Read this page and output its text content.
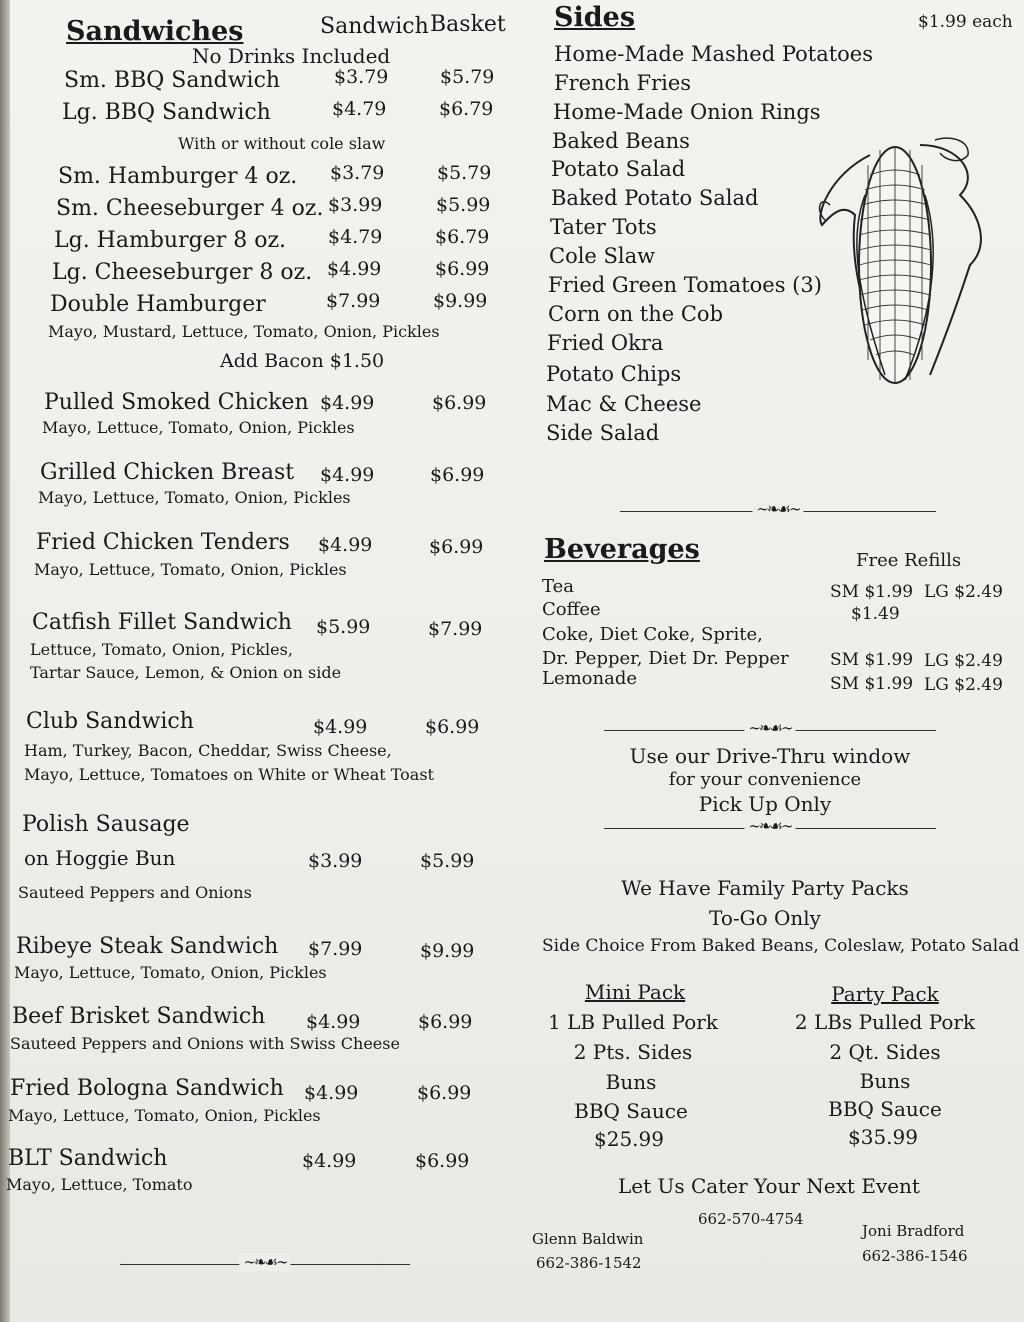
Sandwiches	Sandwich Basket
No Drinks Included
Sm. BBQ Sandwich	$3.79	$5.79
Lg. BBQ Sandwich	$4.79	$6.79
With or without cole slaw
Sm. Hamburger 4 oz. $3.79	$5.79
Sm. Cheeseburger 4 oz. $3.99	$5.99
Lg. Hamburger 8 oz. $4.79	$6.79
Lg. Cheeseburger 8 oz. $4.99	$6.99
Double Hamburger	$7.99	$9.99
Mayo, Mustard, Lettuce, Tomato, Onion, Pickles
Add Bacon $1.50
Pulled Smoked Chicken $4.99	$6.99
Mayo, Lettuce, Tomato, Onion, Pickles
Grilled Chicken Breast $4.99	$6.99
Mayo, Lettuce, Tomato, Onion, Pickles
Fried Chicken Tenders $4.99	$6.99
Mayo, Lettuce, Tomato, Onion, Pickles
Catfish Fillet Sandwich $5.99	$7.99
Lettuce, Tomato, Onion, Pickles,
Tartar Sauce, Lemon, & Onion on side
Club Sandwich	$4.99	$6.99
Ham, Turkey, Bacon, Cheddar, Swiss Cheese,
Mayo, Lettuce, Tomatoes on White or Wheat Toast
Polish Sausage
on Hoggie Bun	$3.99	$5.99
Sauteed Peppers and Onions
Ribeye Steak Sandwich $7.99	$9.99
Mayo, Lettuce, Tomato, Onion, Pickles
Beef Brisket Sandwich $4.99	$6.99
Sauteed Peppers and Onions with Swiss Cheese
Fried Bologna Sandwich $4.99	$6.99
Mayo, Lettuce, Tomato, Onion, Pickles
BLT Sandwich	$4.99	$6.99
Mayo, Lettuce, Tomato
∼❧☙∼
Sides	$1.99 each
Home-Made Mashed Potatoes
French Fries
Home-Made Onion Rings
Baked Beans
Potato Salad
Baked Potato Salad
Tater Tots
Cole Slaw
Fried Green Tomatoes (3)
Corn on the Cob
Fried Okra
Potato Chips
Mac & Cheese
Side Salad
∼❧☙∼
Beverages	Free Refills
Tea	SM $1.99 LG $2.49
Coffee	$1.49
Coke, Diet Coke, Sprite,
Dr. Pepper, Diet Dr. Pepper SM $1.99 LG $2.49
Lemonade	SM $1.99 LG $2.49
∼❧☙∼
Use our Drive-Thru window
for your convenience
Pick Up Only
∼❧☙∼
We Have Family Party Packs
To-Go Only
Side Choice From Baked Beans, Coleslaw, Potato Salad
Mini Pack
1 LB Pulled Pork
2 Pts. Sides
Buns
BBQ Sauce
$25.99
Party Pack
2 LBs Pulled Pork
2 Qt. Sides
Buns
BBQ Sauce
$35.99
Let Us Cater Your Next Event
662-570-4754
Glenn Baldwin
662-386-1542
Joni Bradford
662-386-1546
